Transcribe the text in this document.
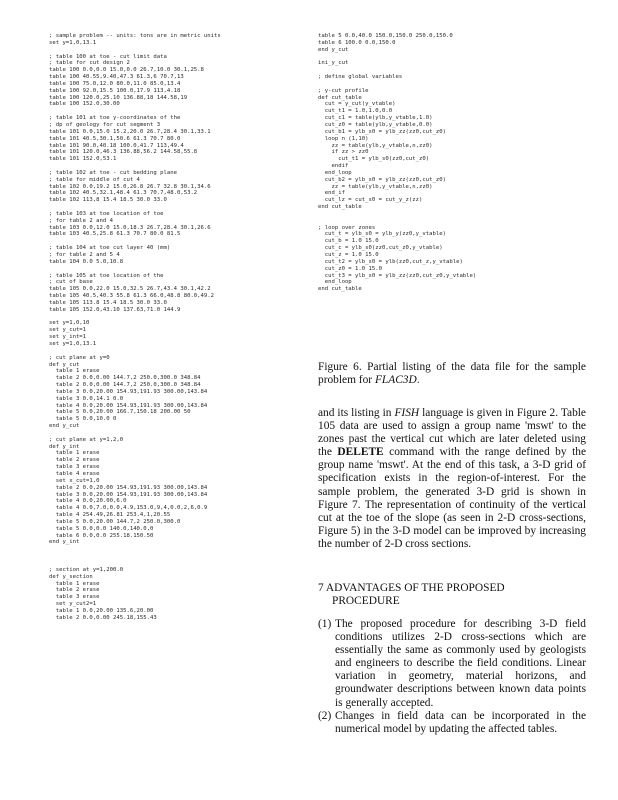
; sample problem -- units: tons are in metric units
set y=1,0,13.1
; table 100 at toe - cut limit data
; table for cut design 2
table 100 0.0,0.0 15.0,0.0 26.7,10.0 30.1,25.8
table 100 40.55,9.40,47.3 61.3,6 70.7,13
table 100 75.0,12.0 80.0,11.0 85.0,13.4
table 100 92.0,15.5 100.0,17.9 113,4.18
table 100 120.0,25.10 136.88,18 144.58,19
table 100 152.0,30.00
; table 101 at toe y-coordinates of the
; dp of geology for cut segment 3
table 101 0.0,15.0 15.2,20.0 26.7,28.4 30.1,33.1
table 101 40.5,30.1,50.6 61.3 70.7 80.0
table 101 90.0,40.18 100.0,41.7 113,49.4
table 101 120.0,46.3 136.88,56.2 144.58,55.8
table 101 152.0,53.1
; table 102 at toe - cut bedding plane
; table for middle of cut 4
table 102 0.0,19.2 15.0,26.8 26.7 32.8 30.1,34.6
table 102 40.5,32.1,48.4 61.3 70.7,48.0,53.2
table 102 113,8 15.4 18.5 30.0 33.0
; table 103 at toe location of toe
; for table 2 and 4
table 103 0.0,12.0 15.0,18.3 26.7,28.4 30.1,26.6
table 103 40.5,25.8 61.3 70.7 80.0 81.5
; table 104 at toe cut layer 40 (mm)
; for table 2 and 5 4
table 104 0.0 5.0,10.8
; table 105 at toe location of the
; cut of base
table 105 0.0,22.0 15.0,32.5 26.7,43.4 30.1,42.2
table 105 40.5,40.3 55.8 61.3 66.0,48.8 80.0,49.2
table 105 113.8 15.4 18.5 30.0 33.0
table 105 152.0,43.10 137.63,71.0 144.9
set y=1,0,10
set y_cut=1
set y_int=1
set y=1,0,13.1
; cut plane at y=0
def y_cut
table 1 erase
table 2 0.0,0.00 144.7,2 250.0,300.0 348.84
table 2 0.0,0.00 144.7,2 250.0,300.0 348.84
table 3 0.0,20.00 154.93,191.93 300.00,143.84
table 3 0.0,14.1 0.0
table 4 0.0,20.00 154.93,191.93 300.00,143.84
table 5 0.0,20.00 166.7,150.18 200.00 50
table 5 0.0,10.0 0
end y_cut
; cut plane at y=1,2,0
def y_int
table 1 erase
table 2 erase
table 3 erase
table 4 erase
set x_cut=1,0
table 2 0.0,20.00 154.93,191.93 300.00,143.84
table 3 0.0,20.00 154.93,191.93 300.00,143.84
table 4 0.0,20.00,6.0
table 4 0.0,7.0,0.0,4.9,153.0,9,4,0.0,2,6,0.9
table 4 254.49,26.81 253.4,1,20.55
table 5 0.0,20.00 144.7,2 250.0,300.0
table 5 0.0,0.0 140.0,140.0,0
table 6 0.0,0.0 255.18.150.50
end y_int
; section at y=1,200.0
def y_section
table 1 erase
table 2 erase
table 3 erase
set y_cut2=1
table 1 0.0,20.00 135.6,20.00
table 2 0.0,0.00 245.18,155.43
table 5 0.0,40.0 150.0,150.0 250.0,150.0
table 6 100.0 0.0,150.0
end y_cut
ini_y_cut
; define global variables
; y-cut profile
def cut_table
cut = y_cut(y_vtable)
cut_t1 = 1.0,1.0,0.0
cut_c1 = table(ylb,y_vtable,1.0)
cut_z0 = table(ylb,y_vtable,0.0)
cut_b1 = ylb_s0 = ylb_zz(zz0,cut_z0)
loop n (1,10)
zz = table(ylb,y_vtable,n,zz0)
if zz > zz0
cut_t1 = ylb_s0(zz0,cut_z0)
endif
end_loop
cut_b2 = ylb_s0 = ylb_zz(zz0,cut_z0)
zz = table(ylb,y_vtable,n,zz0)
end_if
cut_lz = cut_s0 = cut_y_z(zz)
end cut_table
; loop over zones
cut_t = ylb_s0 = ylb_y(zz0,y_vtable)
cut_b = 1.0 15.0
cut_c = ylb_s0(zz0,cut_z0,y_vtable)
cut_z = 1.0 15.0
cut_t2 = ylb_s0 = ylb(zz0,cut_z,y_vtable)
cut_z0 = 1.0 15.0
cut_t3 = ylb_s0 = ylb_zz(zz0,cut_z0,y_vtable)
end_loop
end cut_table
Figure 6. Partial listing of the data file for the sample problem for FLAC3D.
and its listing in FISH language is given in Figure 2. Table 105 data are used to assign a group name 'mswt' to the zones past the vertical cut which are later deleted using the DELETE command with the range defined by the group name 'mswt'. At the end of this task, a 3-D grid of specification exists in the region-of-interest. For the sample problem, the generated 3-D grid is shown in Figure 7. The representation of continuity of the vertical cut at the toe of the slope (as seen in 2-D cross-sections, Figure 5) in the 3-D model can be improved by increasing the number of 2-D cross sections.
7 ADVANTAGES OF THE PROPOSED
PROCEDURE
(1) The proposed procedure for describing 3-D field conditions utilizes 2-D cross-sections which are essentially the same as commonly used by geologists and engineers to describe the field conditions. Linear variation in geometry, material horizons, and groundwater descriptions between known data points is generally accepted.
(2) Changes in field data can be incorporated in the numerical model by updating the affected tables.
